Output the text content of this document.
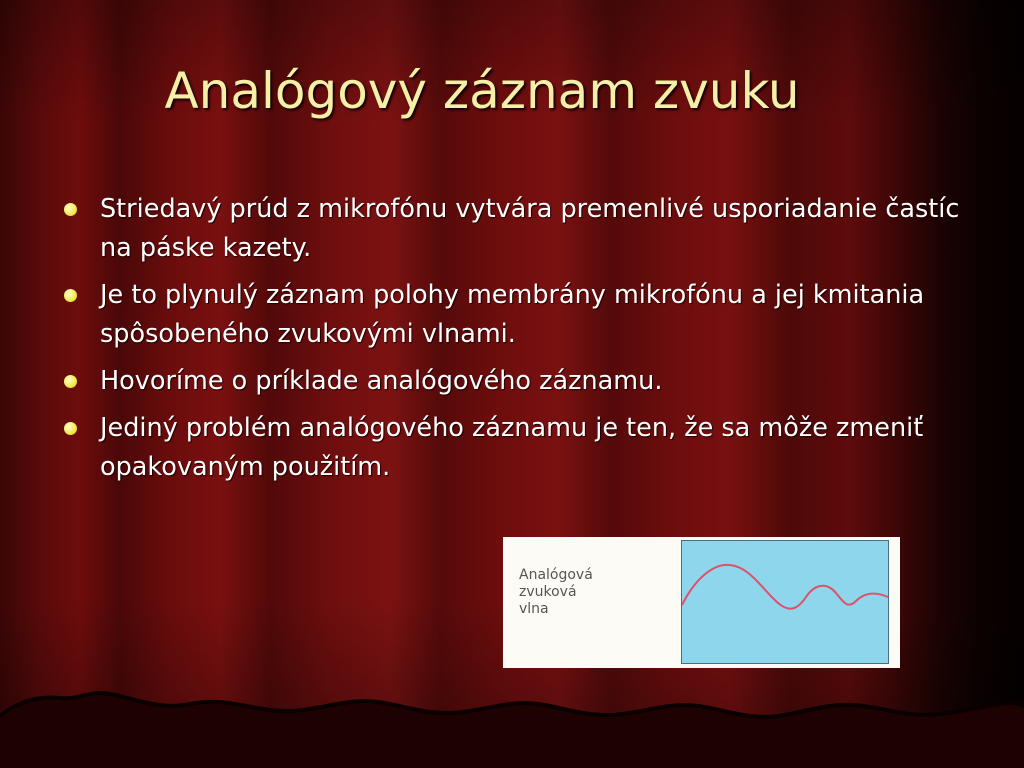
Analógový záznam zvuku
Striedavý prúd z mikrofónu vytvára premenlivé usporiadanie častíc na páske kazety.
Je to plynulý záznam polohy membrány mikrofónu a jej kmitania spôsobeného zvukovými vlnami.
Hovoríme o príklade analógového záznamu.
Jediný problém analógového záznamu je ten, že sa môže zmeniť opakovaným použitím.
Analógová
zvuková
vlna
